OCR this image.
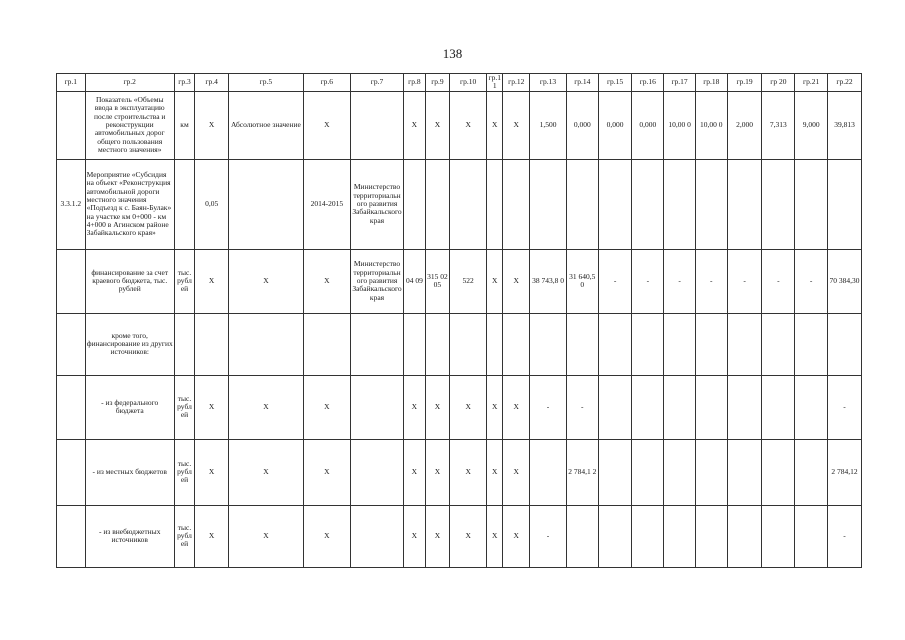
138
гр.1	гр.2	гр.3	гр.4	гр.5	гр.6	гр.7	гр.8	гр.9	гр.10	гр.11	гр.12	гр.13	гр.14	гр.15	гр.16	гр.17	гр.18	гр.19	гр 20	гр.21	гр.22
	Показатель «Объемы ввода в эксплуатацию после строительства и реконструкции автомобильных дорог общего пользования местного значения»	км	X	Абсолютное значение	X		X	X	X	X	X	1,500	0,000	0,000	0,000	10,00 0	10,00 0	2,000	7,313	9,000	39,813
3.3.1.2	Мероприятие «Субсидия на объект «Реконструкция автомобильной дороги местного значения «Подъезд к с. Баян-Булак» на участке км 0+000 - км 4+000 в Агинском районе Забайкальского края»		0,05		2014-2015	Министерство территориального развития Забайкальского края															
	финансирование за счет краевого бюджета, тыс. рублей	тыс. рублей	X	X	X	Министерство территориального развития Забайкальского края	04 09	315 02 05	522	X	X	38 743,8 0	31 640,5 0	-	-	-	-	-	-	-	70 384,30
	кроме того, финансирование из других источников:																				
	- из федерального бюджета	тыс. рублей	X	X	X		X	X	X	X	X	-	-								-
	- из местных бюджетов	тыс. рублей	X	X	X		X	X	X	X	X		2 784,1 2								2 784,12
	- из внебюджетных источников	тыс. рублей	X	X	X		X	X	X	X	X	-									-
